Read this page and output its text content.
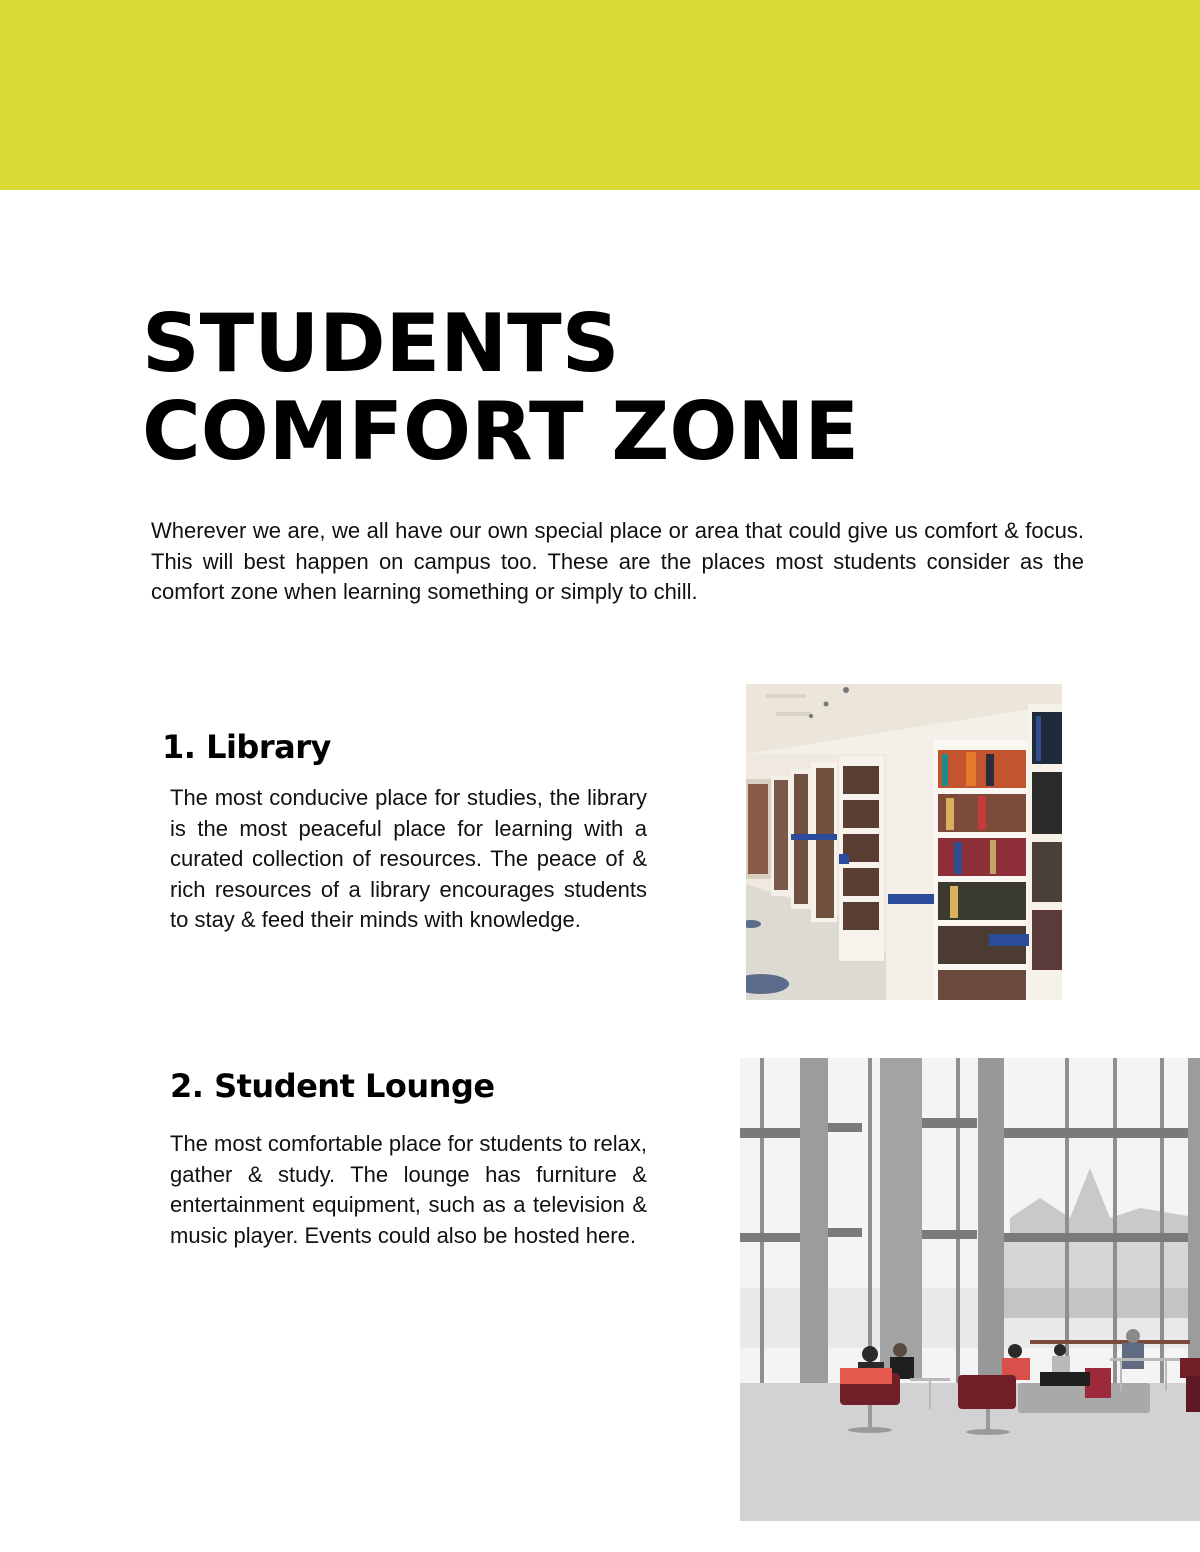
STUDENTS
COMFORT ZONE

Wherever we are, we all have our own special place or area that could give us comfort & focus. This will best happen on campus too. These are the places most students consider as the comfort zone when learning something or simply to chill.

1. Library

The most conducive place for studies, the library is the most peaceful place for learning with a curated collection of resources. The peace of & rich resources of a library encourages students to stay & feed their minds with knowledge.

2. Student Lounge

The most comfortable place for students to relax, gather & study. The lounge has furniture & entertainment equipment, such as a television & music player. Events could also be hosted here.
